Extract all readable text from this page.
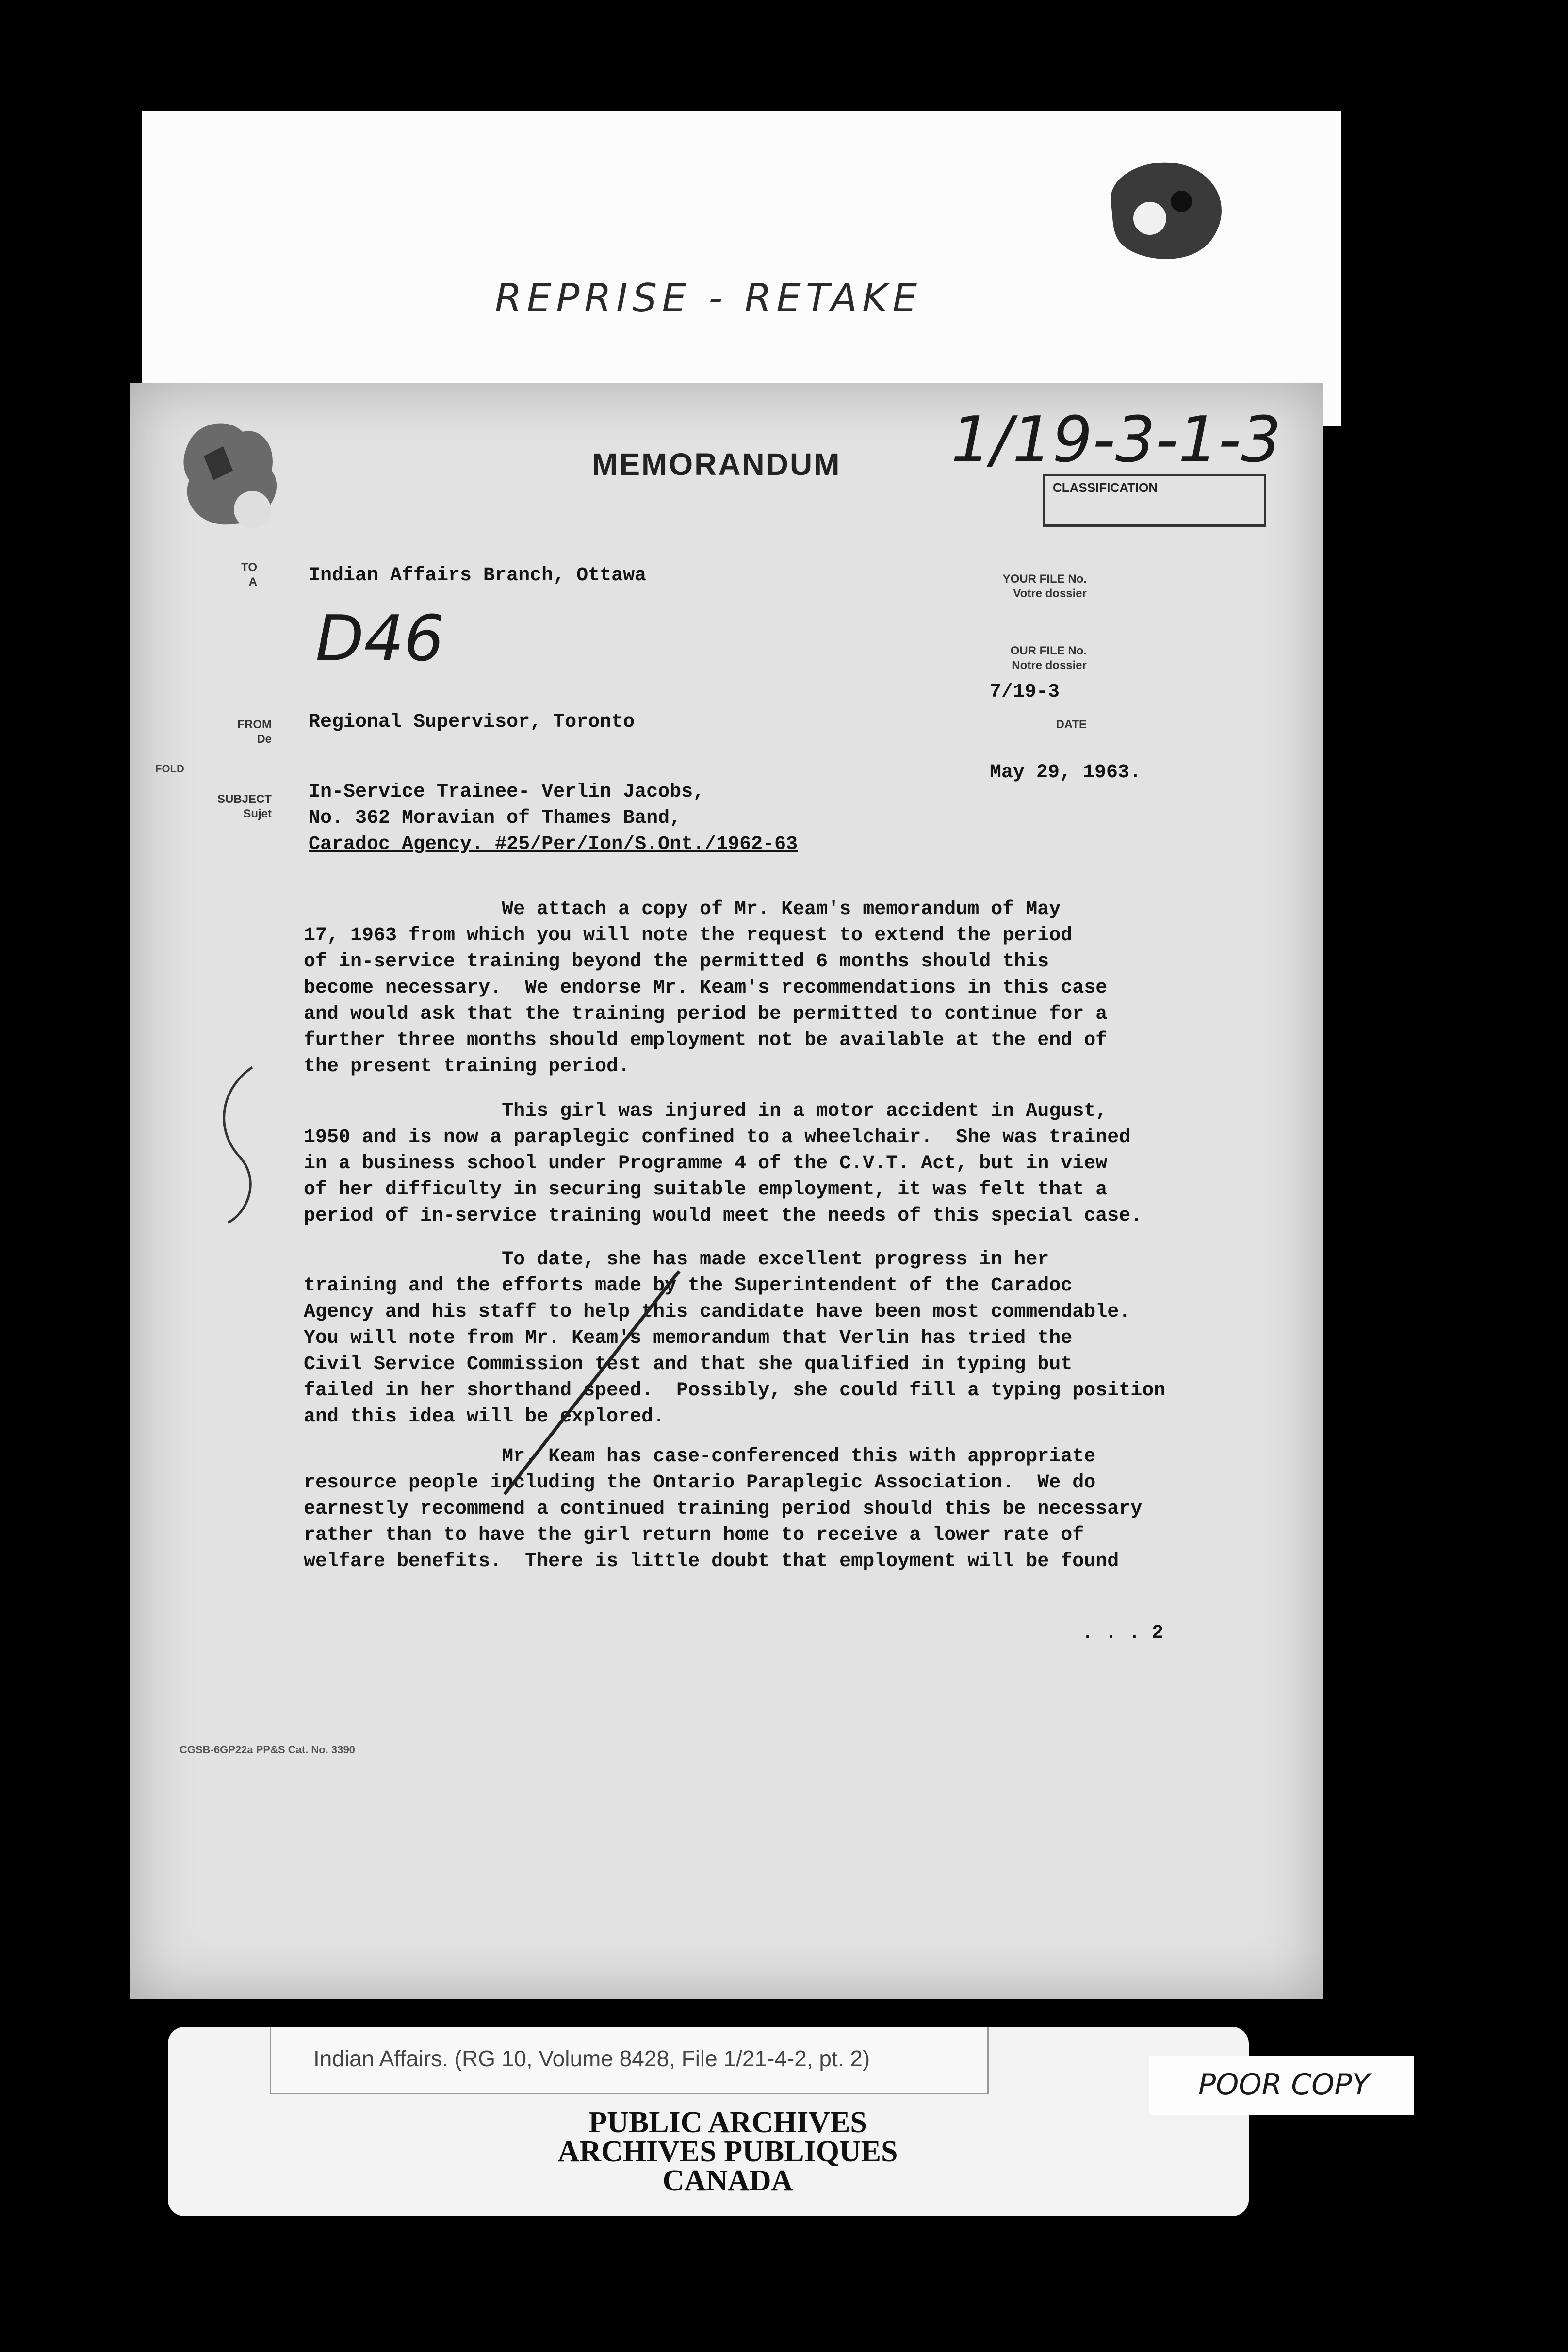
REPRISE - RETAKE
MEMORANDUM 1/19-3-1-3
CLASSIFICATION
TO
A	Indian Affairs Branch, Ottawa
D46
FROM
De
Regional Supervisor, Toronto
FOLD
SUBJECT
Sujet
In-Service Trainee- Verlin Jacobs,
No. 362 Moravian of Thames Band,
Caradoc Agency. #25/Per/Ion/S.Ont./1962-63
YOUR FILE No.
Votre dossier
OUR FILE No.
Notre dossier
7/19-3
DATE
May 29, 1963.
We attach a copy of Mr. Keam's memorandum of May
17, 1963 from which you will note the request to extend the period
of in-service training beyond the permitted 6 months should this
become necessary.  We endorse Mr. Keam's recommendations in this case
and would ask that the training period be permitted to continue for a
further three months should employment not be available at the end of
the present training period.
This girl was injured in a motor accident in August,
1950 and is now a paraplegic confined to a wheelchair.  She was trained
in a business school under Programme 4 of the C.V.T. Act, but in view
of her difficulty in securing suitable employment, it was felt that a
period of in-service training would meet the needs of this special case.
To date, she has made excellent progress in her
training and the efforts made by the Superintendent of the Caradoc
Agency and his staff to help this candidate have been most commendable.
You will note from Mr. Keam's memorandum that Verlin has tried the
Civil Service Commission test and that she qualified in typing but
failed in her shorthand speed.  Possibly, she could fill a typing position
and this idea will be explored.
Mr. Keam has case-conferenced this with appropriate
resource people including the Ontario Paraplegic Association.  We do
earnestly recommend a continued training period should this be necessary
rather than to have the girl return home to receive a lower rate of
welfare benefits.  There is little doubt that employment will be found
. . . 2
CGSB-6GP22a PP&S Cat. No. 3390
Indian Affairs. (RG 10, Volume 8428, File 1/21-4-2, pt. 2)
PUBLIC ARCHIVES
ARCHIVES PUBLIQUES
CANADA
POOR COPY
